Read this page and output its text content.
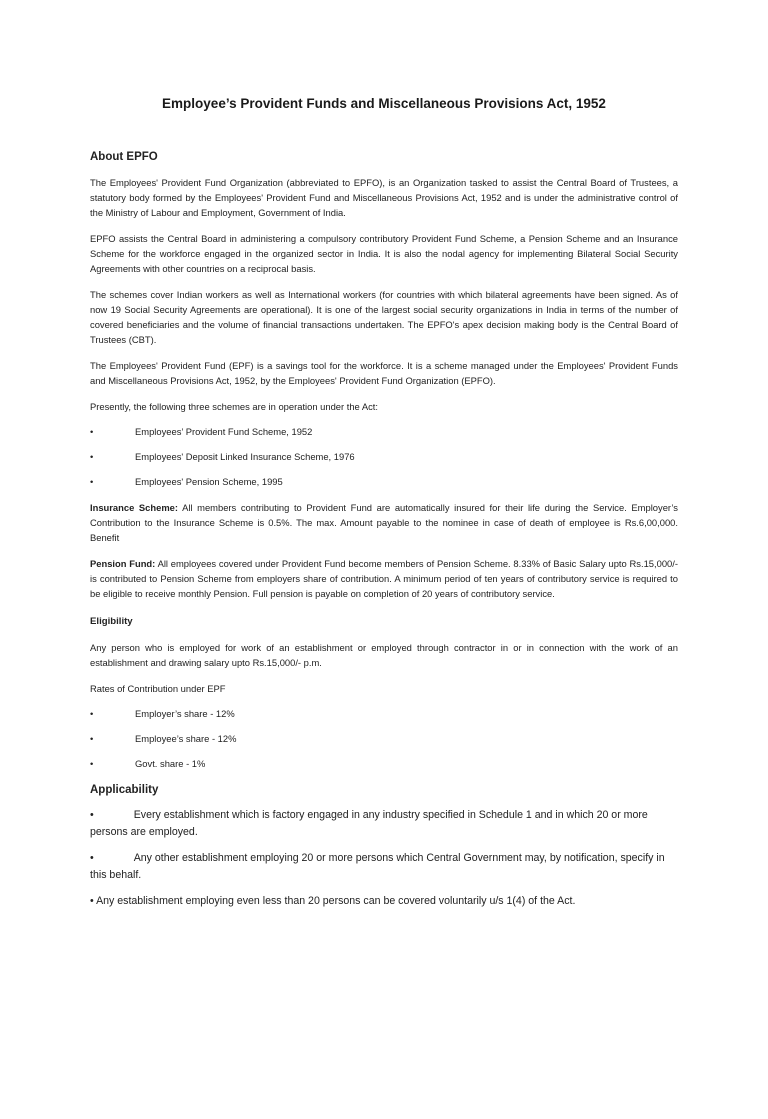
Employee’s Provident Funds and Miscellaneous Provisions Act, 1952
About EPFO
The Employees' Provident Fund Organization (abbreviated to EPFO), is an Organization tasked to assist the Central Board of Trustees, a statutory body formed by the Employees' Provident Fund and Miscellaneous Provisions Act, 1952 and is under the administrative control of the Ministry of Labour and Employment, Government of India.
EPFO assists the Central Board in administering a compulsory contributory Provident Fund Scheme, a Pension Scheme and an Insurance Scheme for the workforce engaged in the organized sector in India. It is also the nodal agency for implementing Bilateral Social Security Agreements with other countries on a reciprocal basis.
The schemes cover Indian workers as well as International workers (for countries with which bilateral agreements have been signed. As of now 19 Social Security Agreements are operational). It is one of the largest social security organizations in India in terms of the number of covered beneficiaries and the volume of financial transactions undertaken. The EPFO's apex decision making body is the Central Board of Trustees (CBT).
The Employees' Provident Fund (EPF) is a savings tool for the workforce. It is a scheme managed under the Employees' Provident Funds and Miscellaneous Provisions Act, 1952, by the Employees' Provident Fund Organization (EPFO).
Presently, the following three schemes are in operation under the Act:
•	Employees’ Provident Fund Scheme, 1952
•	Employees' Deposit Linked Insurance Scheme, 1976
•	Employees' Pension Scheme, 1995
Insurance Scheme: All members contributing to Provident Fund are automatically insured for their life during the Service. Employer’s Contribution to the Insurance Scheme is 0.5%. The max. Amount payable to the nominee in case of death of employee is Rs.6,00,000. Benefit
Pension Fund: All employees covered under Provident Fund become members of Pension Scheme. 8.33% of Basic Salary upto Rs.15,000/- is contributed to Pension Scheme from employers share of contribution. A minimum period of ten years of contributory service is required to be eligible to receive monthly Pension. Full pension is payable on completion of 20 years of contributory service.
Eligibility
Any person who is employed for work of an establishment or employed through contractor in or in connection with the work of an establishment and drawing salary upto Rs.15,000/- p.m.
Rates of Contribution under EPF
•	Employer’s share - 12%
•	Employee’s share - 12%
•	Govt. share - 1%
Applicability
•	Every establishment which is factory engaged in any industry specified in Schedule 1 and in which 20 or more persons are employed.
•	Any other establishment employing 20 or more persons which Central Government may, by notification, specify in this behalf.
• Any establishment employing even less than 20 persons can be covered voluntarily u/s 1(4) of the Act.
